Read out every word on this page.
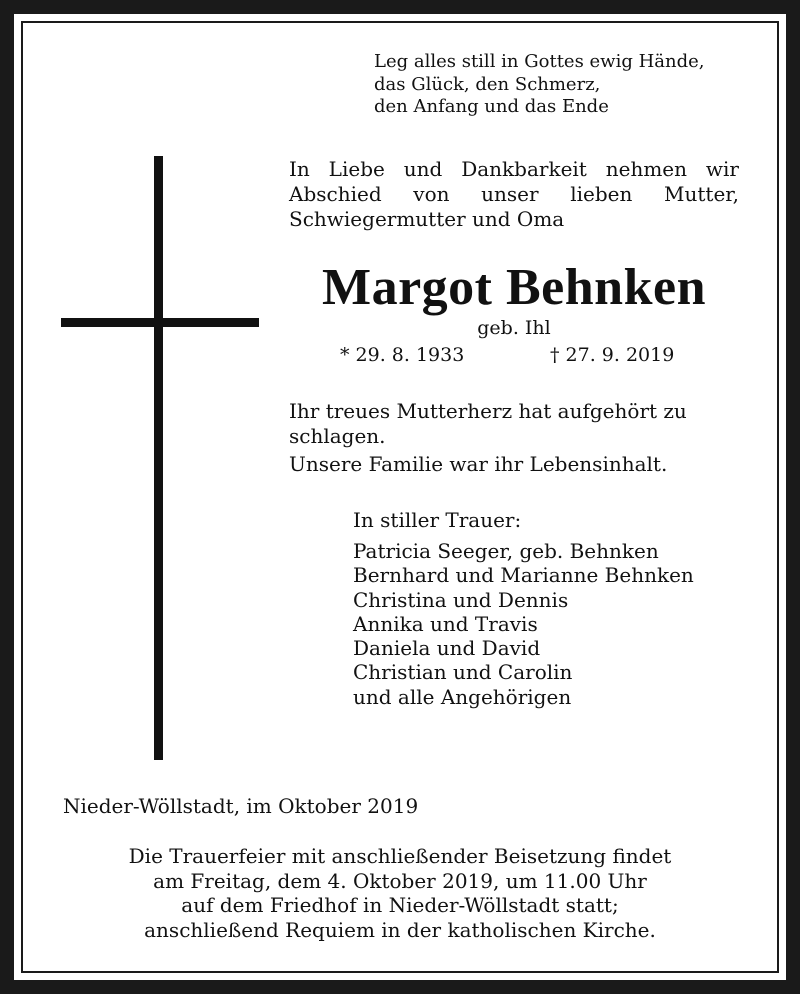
Leg alles still in Gottes ewig Hände,
das Glück, den Schmerz,
den Anfang und das Ende
In Liebe und Dankbarkeit nehmen wir
Abschied von unser lieben Mutter,
Schwiegermutter und Oma
Margot Behnken
geb. Ihl
* 29. 8. 1933	† 27. 9. 2019
Ihr treues Mutterherz hat aufgehört zu
schlagen.
Unsere Familie war ihr Lebensinhalt.
In stiller Trauer:
Patricia Seeger, geb. Behnken
Bernhard und Marianne Behnken
Christina und Dennis
Annika und Travis
Daniela und David
Christian und Carolin
und alle Angehörigen
Nieder-Wöllstadt, im Oktober 2019
Die Trauerfeier mit anschließender Beisetzung findet
am Freitag, dem 4. Oktober 2019, um 11.00 Uhr
auf dem Friedhof in Nieder-Wöllstadt statt;
anschließend Requiem in der katholischen Kirche.
